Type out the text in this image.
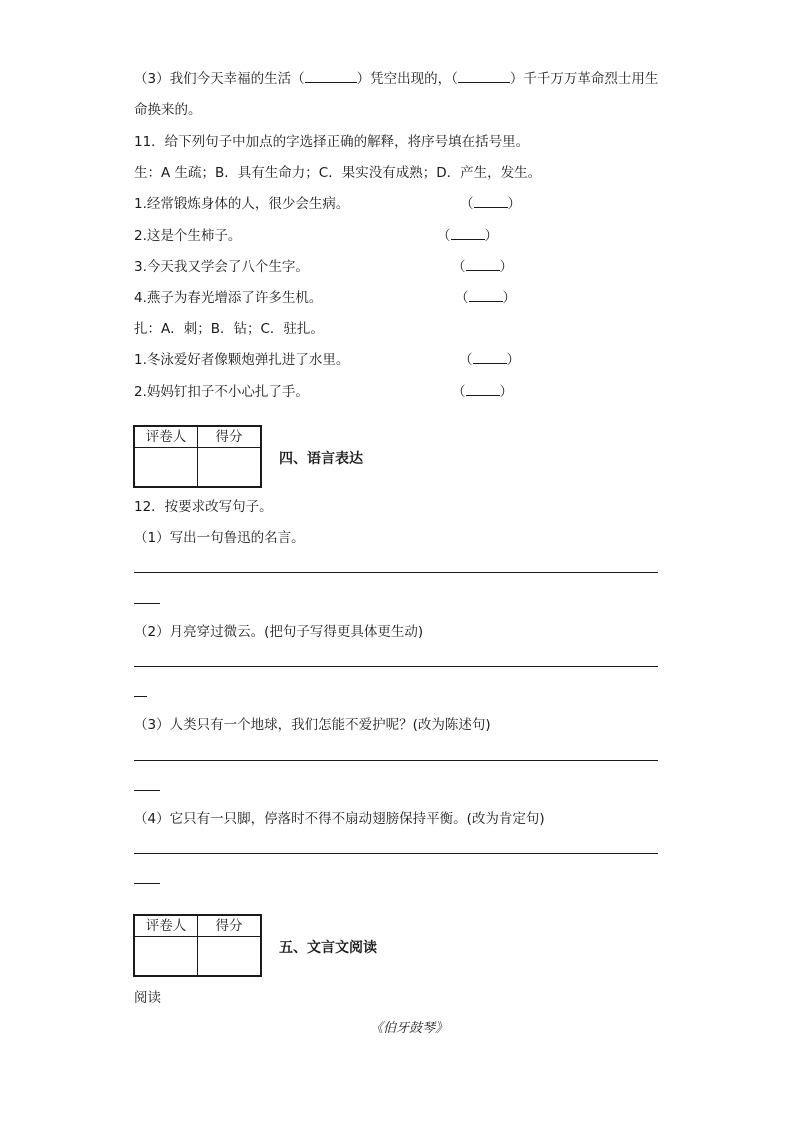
（3）我们今天幸福的生活（	）凭空出现的，（	）千千万万革命烈士用生
命换来的。
11．给下列句子中加点的字选择正确的解释，将序号填在括号里。
生：A 生疏；B．具有生命力；C．果实没有成熟；D．产生，发生。
1.经常锻炼身体的人，很少会生病。	（	）
2.这是个生柿子。	（	）
3.今天我又学会了八个生字。	（	）
4.燕子为春光增添了许多生机。	（	）
扎：A．刺；B．钻；C．驻扎。
1.冬泳爱好者像颗炮弹扎进了水里。	（	）
2.妈妈钉扣子不小心扎了手。	（	）
评卷人	得分

四、语言表达
12．按要求改写句子。
（1）写出一句鲁迅的名言。
（2）月亮穿过微云。(把句子写得更具体更生动)
（3）人类只有一个地球，我们怎能不爱护呢？(改为陈述句)
（4）它只有一只脚，停落时不得不扇动翅膀保持平衡。(改为肯定句)
评卷人	得分

五、文言文阅读
阅读
《伯牙鼓琴》
